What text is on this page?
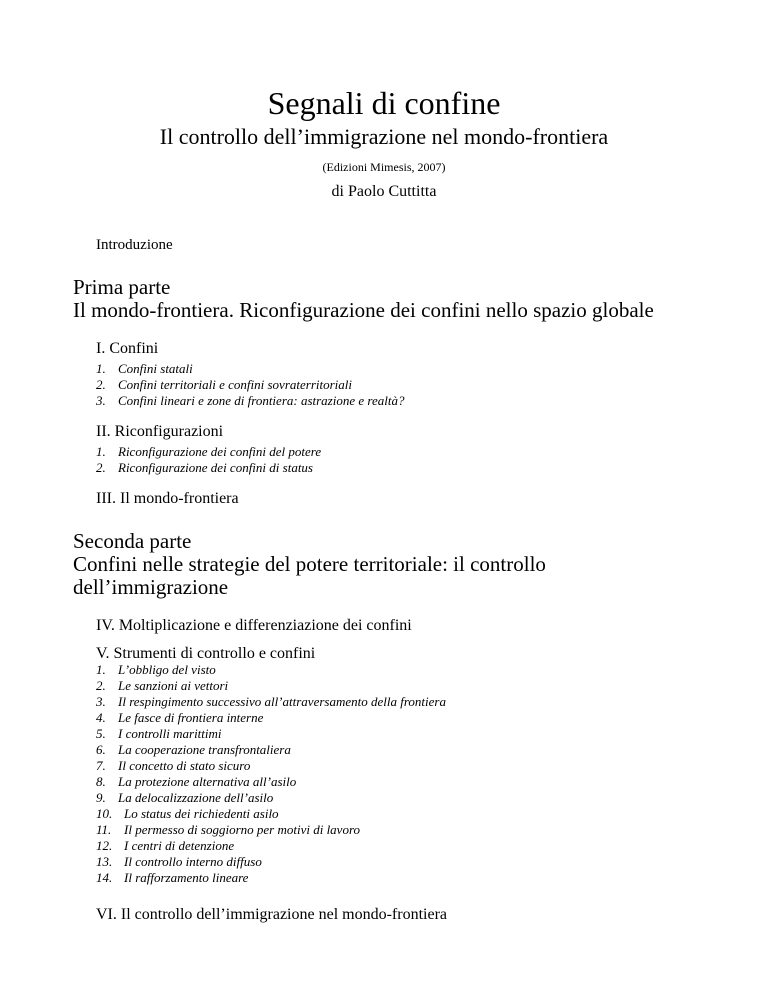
Segnali di confine
Il controllo dell’immigrazione nel mondo-frontiera
(Edizioni Mimesis, 2007)
di Paolo Cuttitta
Introduzione
Prima parte
Il mondo-frontiera. Riconfigurazione dei confini nello spazio globale
I. Confini
1. Confini statali
2. Confini territoriali e confini sovraterritoriali
3. Confini lineari e zone di frontiera: astrazione e realtà?
II. Riconfigurazioni
1. Riconfigurazione dei confini del potere
2. Riconfigurazione dei confini di status
III. Il mondo-frontiera
Seconda parte
Confini nelle strategie del potere territoriale: il controllo
dell’immigrazione
IV. Moltiplicazione e differenziazione dei confini
V. Strumenti di controllo e confini
1. L’obbligo del visto
2. Le sanzioni ai vettori
3. Il respingimento successivo all’attraversamento della frontiera
4. Le fasce di frontiera interne
5. I controlli marittimi
6. La cooperazione transfrontaliera
7. Il concetto di stato sicuro
8. La protezione alternativa all’asilo
9. La delocalizzazione dell’asilo
10. Lo status dei richiedenti asilo
11. Il permesso di soggiorno per motivi di lavoro
12. I centri di detenzione
13. Il controllo interno diffuso
14. Il rafforzamento lineare
VI. Il controllo dell’immigrazione nel mondo-frontiera
